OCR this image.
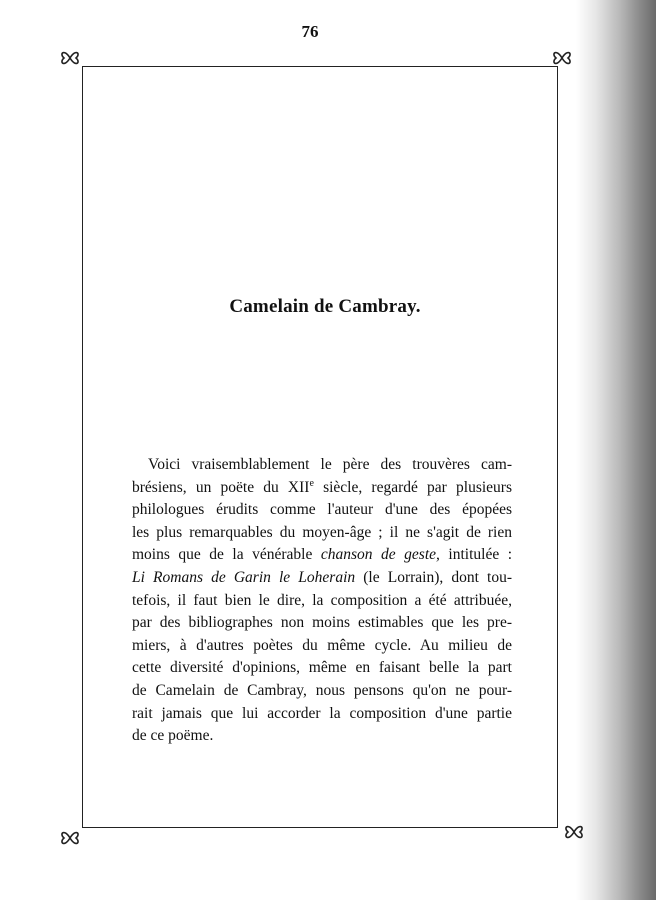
76
Camelain de Cambray.
Voici vraisemblablement le père des trouvères cam-
brésiens, un poëte du XIIe siècle, regardé par plusieurs
philologues érudits comme l'auteur d'une des épopées
les plus remarquables du moyen-âge ; il ne s'agit de rien
moins que de la vénérable chanson de geste, intitulée :
Li Romans de Garin le Loherain (le Lorrain), dont tou-
tefois, il faut bien le dire, la composition a été attribuée,
par des bibliographes non moins estimables que les pre-
miers, à d'autres poètes du même cycle. Au milieu de
cette diversité d'opinions, même en faisant belle la part
de Camelain de Cambray, nous pensons qu'on ne pour-
rait jamais que lui accorder la composition d'une partie
de ce poëme.
